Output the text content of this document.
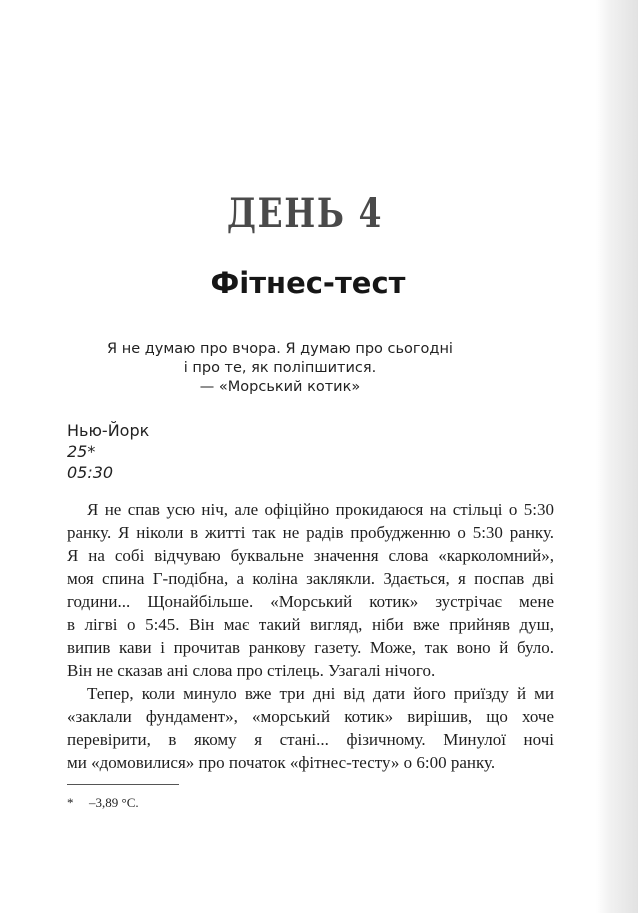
ДЕНЬ 4
Фітнес-тест
Я не думаю про вчора. Я думаю про сьогодні
і про те, як поліпшитися.
— «Морський котик»
Нью-Йорк
25*
05:30
Я не спав усю ніч, але офіційно прокидаюся на стільці о 5:30
ранку. Я ніколи в житті так не радів пробудженню о 5:30 ранку.
Я на собі відчуваю буквальне значення слова «карколомний»,
моя спина Г-подібна, а коліна заклякли. Здається, я поспав дві
години... Щонайбільше. «Морський котик» зустрічає мене
в лігві о 5:45. Він має такий вигляд, ніби вже прийняв душ,
випив кави і прочитав ранкову газету. Може, так воно й було.
Він не сказав ані слова про стілець. Узагалі нічого.
Тепер, коли минуло вже три дні від дати його приїзду й ми
«заклали фундамент», «морський котик» вирішив, що хоче
перевірити, в якому я стані... фізичному. Минулої ночі
ми «домовилися» про початок «фітнес-тесту» о 6:00 ранку.
* –3,89 °С.
